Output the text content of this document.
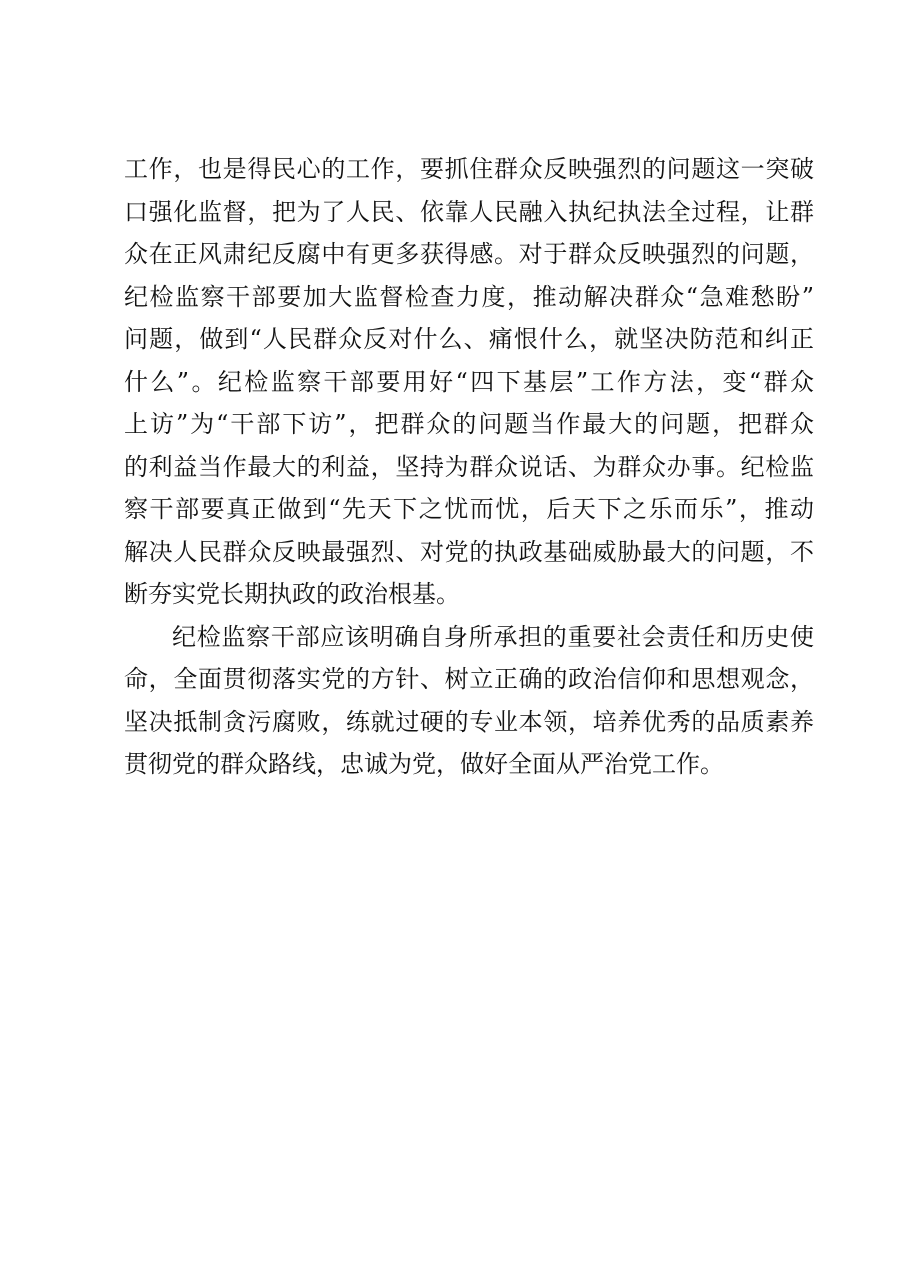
工作，也是得民心的工作，要抓住群众反映强烈的问题这一突破
口强化监督，把为了人民、依靠人民融入执纪执法全过程，让群
众在正风肃纪反腐中有更多获得感。对于群众反映强烈的问题，
纪检监察干部要加大监督检查力度，推动解决群众“急难愁盼”
问题，做到“人民群众反对什么、痛恨什么，就坚决防范和纠正
什么”。纪检监察干部要用好“四下基层”工作方法，变“群众
上访”为“干部下访”，把群众的问题当作最大的问题，把群众
的利益当作最大的利益，坚持为群众说话、为群众办事。纪检监
察干部要真正做到“先天下之忧而忧，后天下之乐而乐”，推动
解决人民群众反映最强烈、对党的执政基础威胁最大的问题，不
断夯实党长期执政的政治根基。

纪检监察干部应该明确自身所承担的重要社会责任和历史使
命，全面贯彻落实党的方针、树立正确的政治信仰和思想观念，
坚决抵制贪污腐败，练就过硬的专业本领，培养优秀的品质素养
贯彻党的群众路线，忠诚为党，做好全面从严治党工作。
